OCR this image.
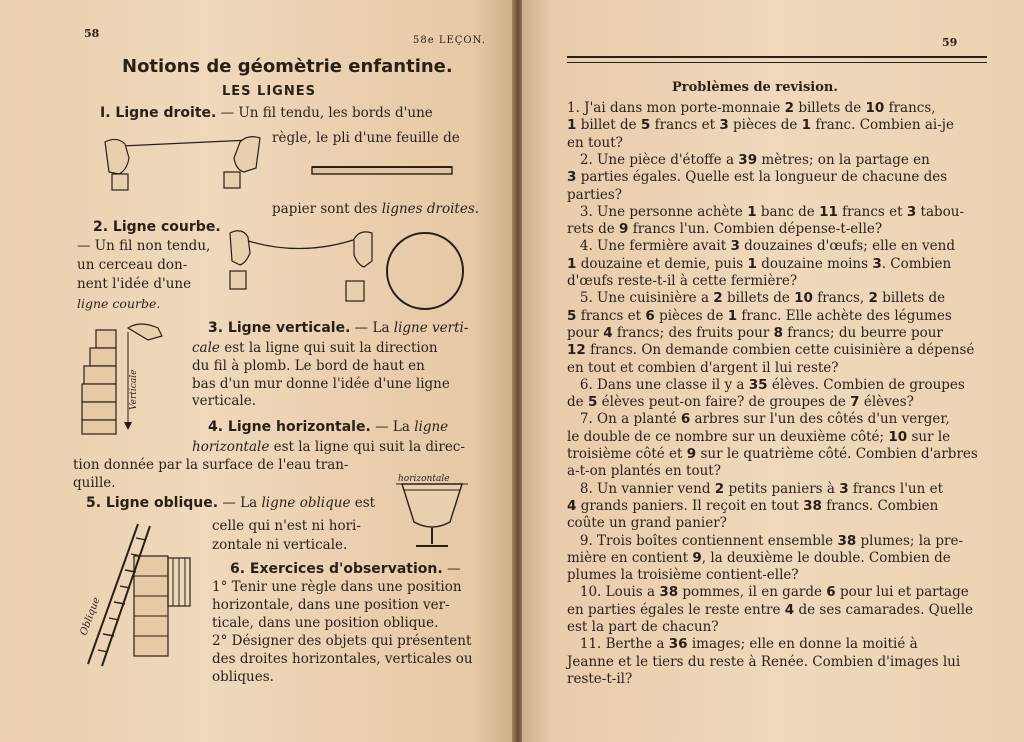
58
58e LEÇON.
Notions de géomètrie enfantine.
LES LIGNES
I. Ligne droite. — Un fil tendu, les bords d'une
règle, le pli d'une feuille de
papier sont des lignes droites.
2. Ligne courbe.
— Un fil non tendu,
un cerceau don-
nent l'idée d'une
ligne courbe.
Verticale
3. Ligne verticale. — La ligne verti-
cale est la ligne qui suit la direction
du fil à plomb. Le bord de haut en
bas d'un mur donne l'idée d'une ligne
verticale.
4. Ligne horizontale. — La ligne
horizontale est la ligne qui suit la direc-
tion donnée par la surface de l'eau tran-
quille.	horizontale
5. Ligne oblique. — La ligne oblique est
celle qui n'est ni hori-
zontale ni verticale.
Oblique
6. Exercices d'observation. —
1° Tenir une règle dans une position
horizontale, dans une position ver-
ticale, dans une position oblique.
2° Désigner des objets qui présentent
des droites horizontales, verticales ou
obliques.
59
Problèmes de revision.
1. J'ai dans mon porte-monnaie 2 billets de 10 francs,
1 billet de 5 francs et 3 pièces de 1 franc. Combien ai-je
en tout?
2. Une pièce d'étoffe a 39 mètres; on la partage en
3 parties égales. Quelle est la longueur de chacune des
parties?
3. Une personne achète 1 banc de 11 francs et 3 tabou-
rets de 9 francs l'un. Combien dépense-t-elle?
4. Une fermière avait 3 douzaines d'œufs; elle en vend
1 douzaine et demie, puis 1 douzaine moins 3. Combien
d'œufs reste-t-il à cette fermière?
5. Une cuisinière a 2 billets de 10 francs, 2 billets de
5 francs et 6 pièces de 1 franc. Elle achète des légumes
pour 4 francs; des fruits pour 8 francs; du beurre pour
12 francs. On demande combien cette cuisinière a dépensé
en tout et combien d'argent il lui reste?
6. Dans une classe il y a 35 élèves. Combien de groupes
de 5 élèves peut-on faire? de groupes de 7 élèves?
7. On a planté 6 arbres sur l'un des côtés d'un verger,
le double de ce nombre sur un deuxième côté; 10 sur le
troisième côté et 9 sur le quatrième côté. Combien d'arbres
a-t-on plantés en tout?
8. Un vannier vend 2 petits paniers à 3 francs l'un et
4 grands paniers. Il reçoit en tout 38 francs. Combien
coûte un grand panier?
9. Trois boîtes contiennent ensemble 38 plumes; la pre-
mière en contient 9, la deuxième le double. Combien de
plumes la troisième contient-elle?
10. Louis a 38 pommes, il en garde 6 pour lui et partage
en parties égales le reste entre 4 de ses camarades. Quelle
est la part de chacun?
11. Berthe a 36 images; elle en donne la moitié à
Jeanne et le tiers du reste à Renée. Combien d'images lui
reste-t-il?
